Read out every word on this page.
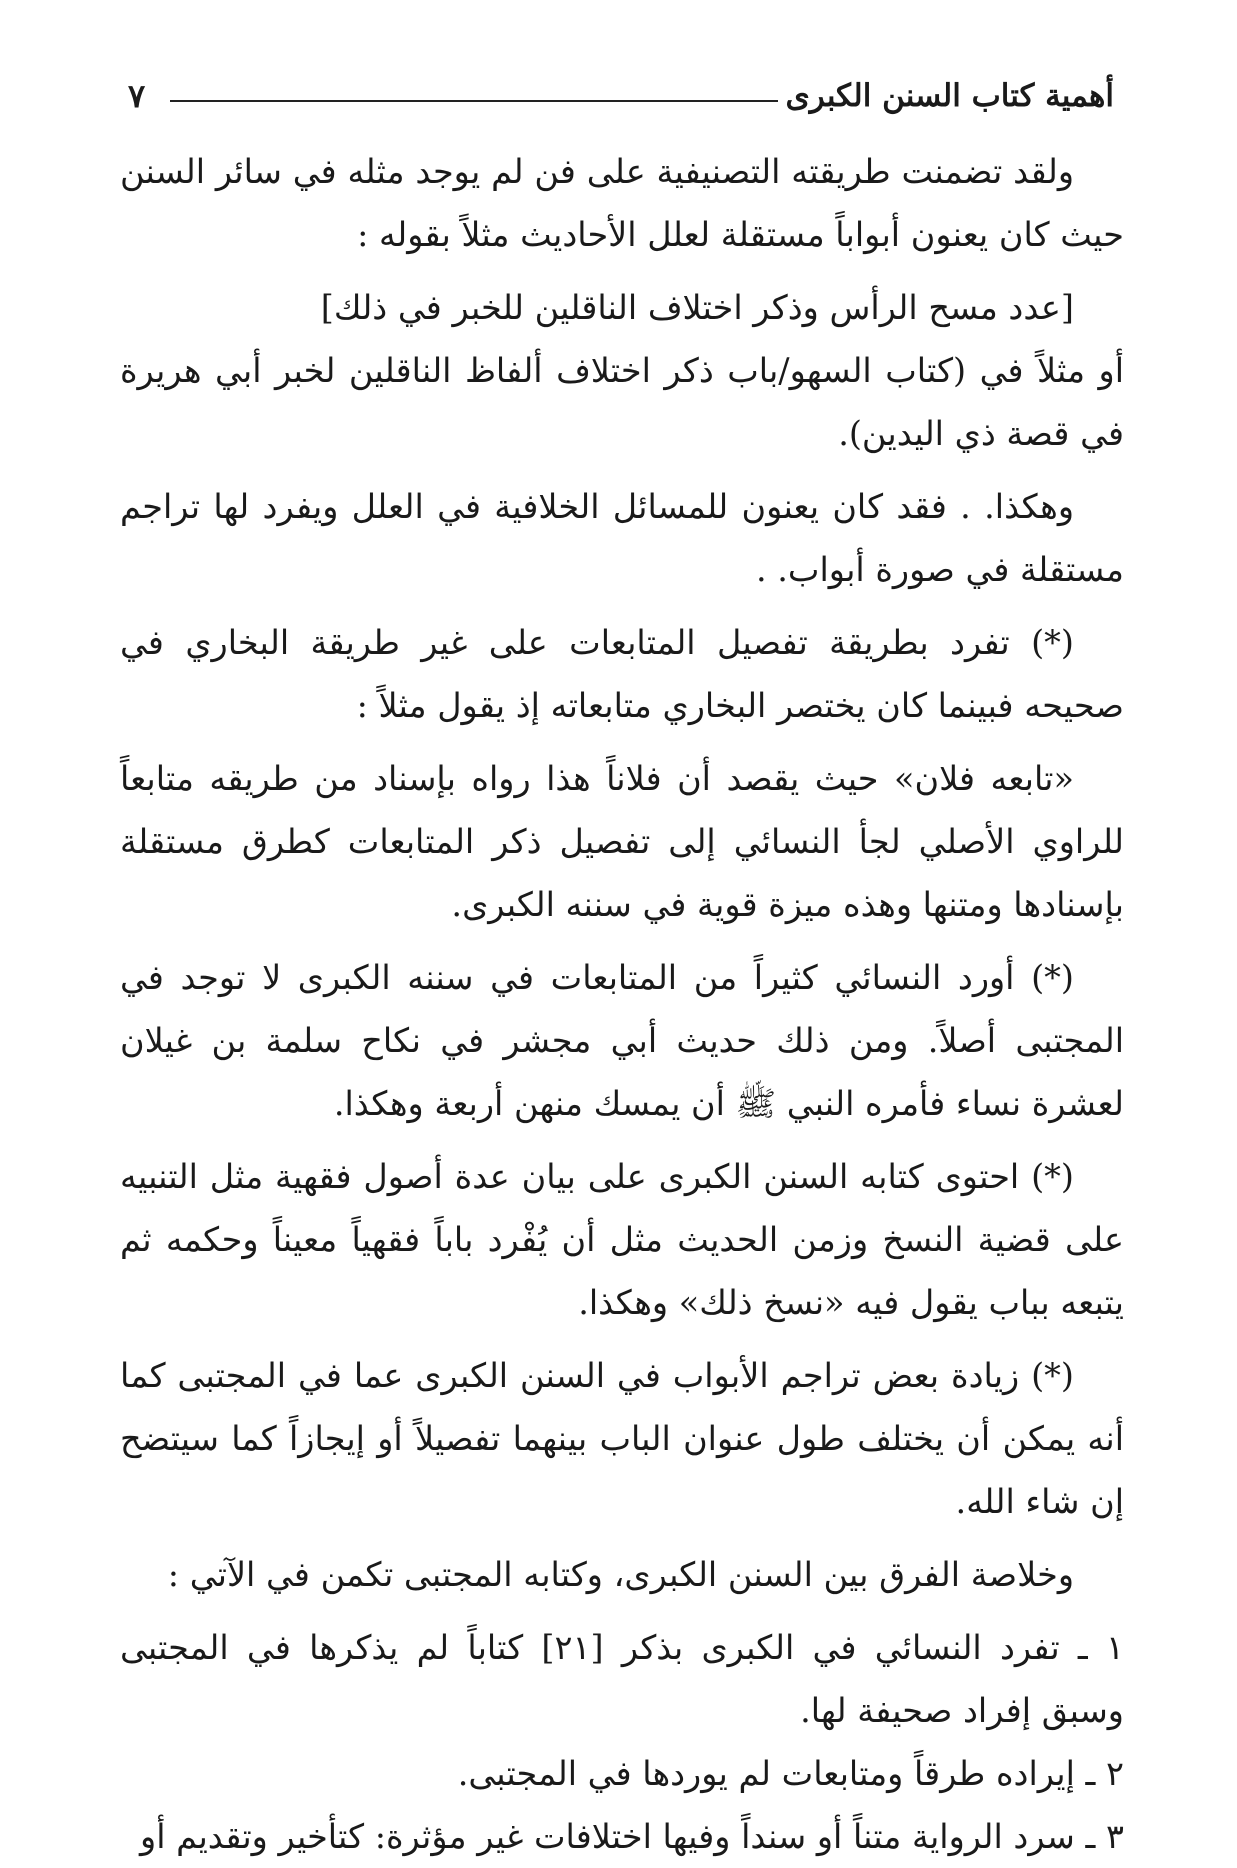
٧	أهمية كتاب السنن الكبرى
ولقد تضمنت طريقته التصنيفية على فن لم يوجد مثله في سائر السنن حيث كان يعنون أبواباً مستقلة لعلل الأحاديث مثلاً بقوله :
[عدد مسح الرأس وذكر اختلاف الناقلين للخبر في ذلك]
أو مثلاً في (كتاب السهو/باب ذكر اختلاف ألفاظ الناقلين لخبر أبي هريرة في قصة ذي اليدين).
وهكذا. . فقد كان يعنون للمسائل الخلافية في العلل ويفرد لها تراجم مستقلة في صورة أبواب. .
(*) تفرد بطريقة تفصيل المتابعات على غير طريقة البخاري في صحيحه فبينما كان يختصر البخاري متابعاته إذ يقول مثلاً :
«تابعه فلان» حيث يقصد أن فلاناً هذا رواه بإسناد من طريقه متابعاً للراوي الأصلي لجأ النسائي إلى تفصيل ذكر المتابعات كطرق مستقلة بإسنادها ومتنها وهذه ميزة قوية في سننه الكبرى.
(*) أورد النسائي كثيراً من المتابعات في سننه الكبرى لا توجد في المجتبى أصلاً. ومن ذلك حديث أبي مجشر في نكاح سلمة بن غيلان لعشرة نساء فأمره النبي ﷺ أن يمسك منهن أربعة وهكذا.
(*) احتوى كتابه السنن الكبرى على بيان عدة أصول فقهية مثل التنبيه على قضية النسخ وزمن الحديث مثل أن يُفْرد باباً فقهياً معيناً وحكمه ثم يتبعه بباب يقول فيه «نسخ ذلك» وهكذا.
(*) زيادة بعض تراجم الأبواب في السنن الكبرى عما في المجتبى كما أنه يمكن أن يختلف طول عنوان الباب بينهما تفصيلاً أو إيجازاً كما سيتضح إن شاء الله.
وخلاصة الفرق بين السنن الكبرى، وكتابه المجتبى تكمن في الآتي :
١ ـ تفرد النسائي في الكبرى بذكر [٢١] كتاباً لم يذكرها في المجتبى وسبق إفراد صحيفة لها.
٢ ـ إيراده طرقاً ومتابعات لم يوردها في المجتبى.
٣ ـ سرد الرواية متناً أو سنداً وفيها اختلافات غير مؤثرة: كتأخير وتقديم أو
